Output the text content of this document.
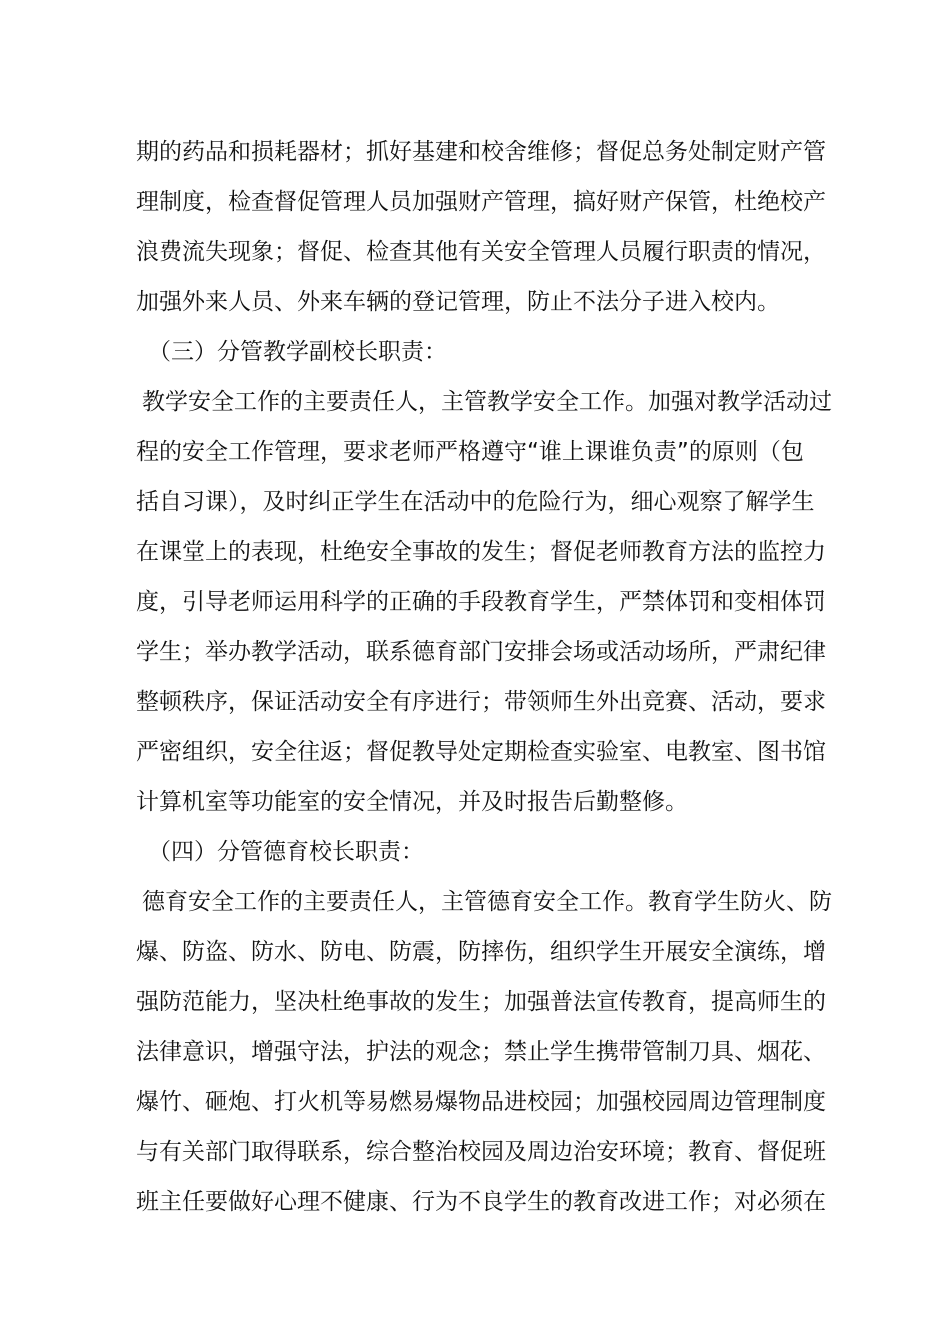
期的药品和损耗器材；抓好基建和校舍维修；督促总务处制定财产管
理制度，检查督促管理人员加强财产管理，搞好财产保管，杜绝校产
浪费流失现象；督促、检查其他有关安全管理人员履行职责的情况，
加强外来人员、外来车辆的登记管理，防止不法分子进入校内。
（三）分管教学副校长职责：
教学安全工作的主要责任人，主管教学安全工作。加强对教学活动过
程的安全工作管理，要求老师严格遵守“谁上课谁负责”的原则（包
括自习课），及时纠正学生在活动中的危险行为，细心观察了解学生
在课堂上的表现，杜绝安全事故的发生；督促老师教育方法的监控力
度，引导老师运用科学的正确的手段教育学生，严禁体罚和变相体罚
学生；举办教学活动，联系德育部门安排会场或活动场所，严肃纪律
整顿秩序，保证活动安全有序进行；带领师生外出竞赛、活动，要求
严密组织，安全往返；督促教导处定期检查实验室、电教室、图书馆
计算机室等功能室的安全情况，并及时报告后勤整修。
（四）分管德育校长职责：
德育安全工作的主要责任人，主管德育安全工作。教育学生防火、防
爆、防盗、防水、防电、防震，防摔伤，组织学生开展安全演练，增
强防范能力，坚决杜绝事故的发生；加强普法宣传教育，提高师生的
法律意识，增强守法，护法的观念；禁止学生携带管制刀具、烟花、
爆竹、砸炮、打火机等易燃易爆物品进校园；加强校园周边管理制度
与有关部门取得联系，综合整治校园及周边治安环境；教育、督促班
班主任要做好心理不健康、行为不良学生的教育改进工作；对必须在
